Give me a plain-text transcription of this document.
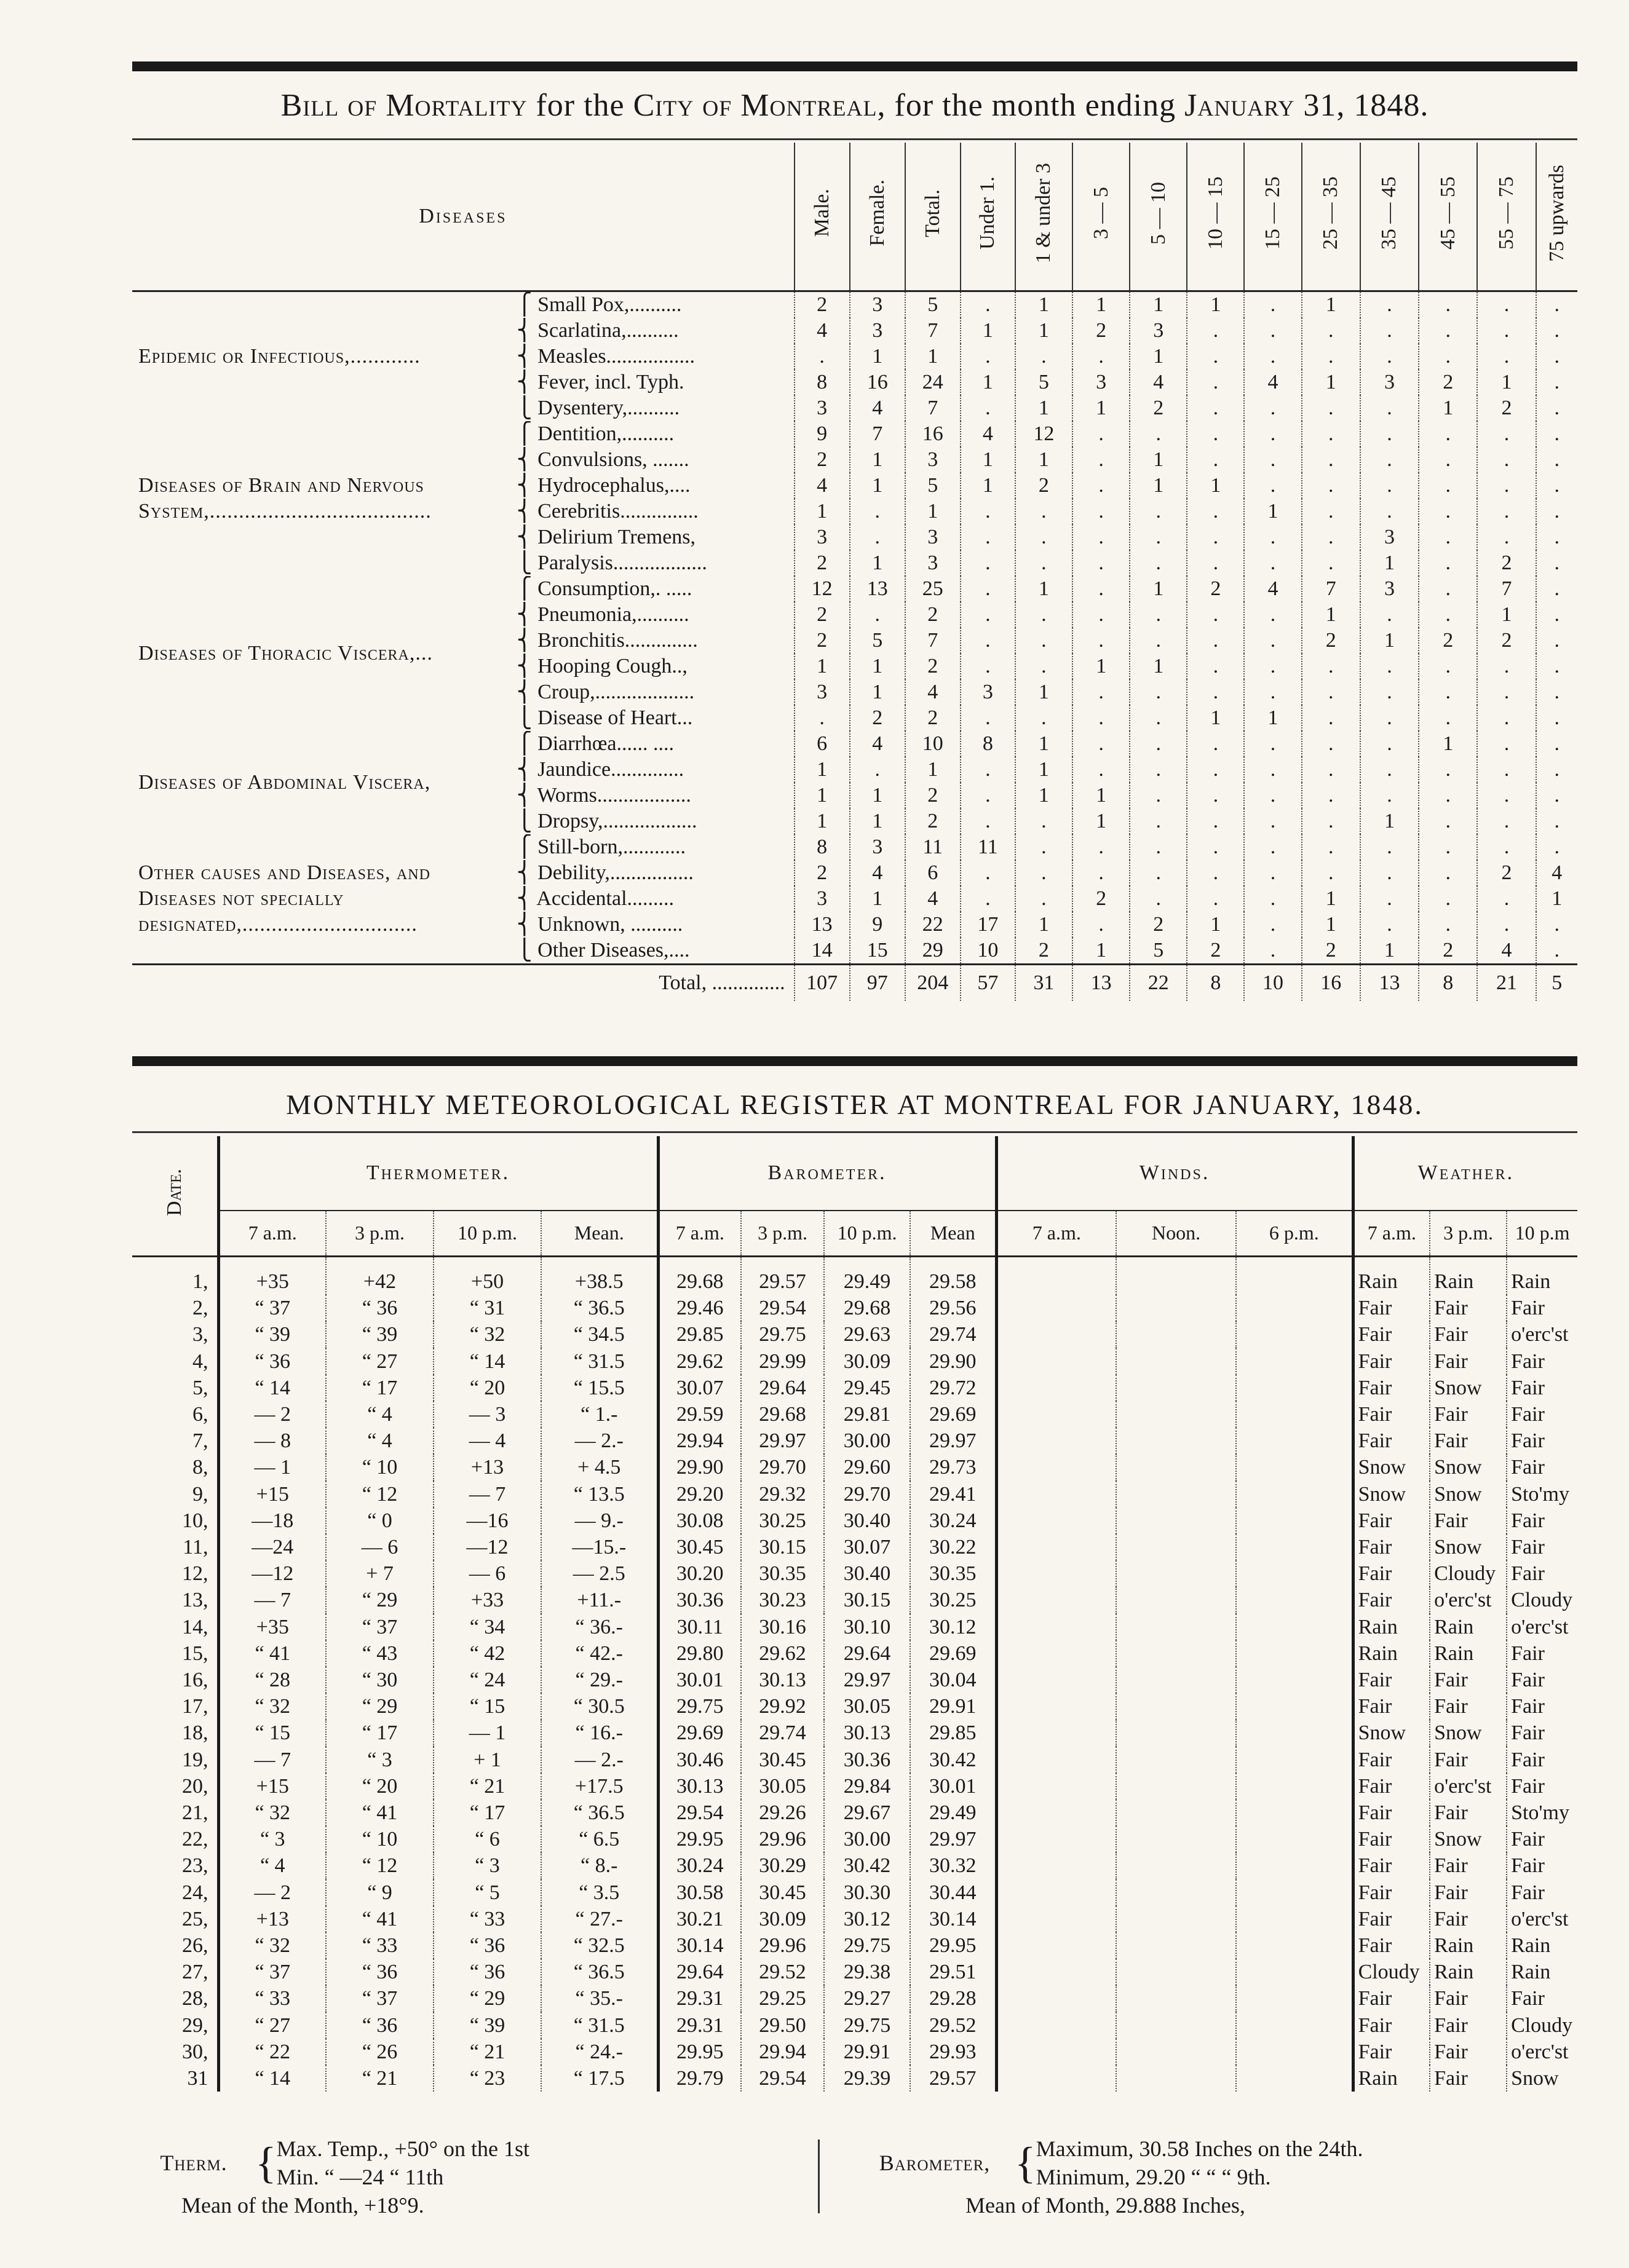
Bill of Mortality for the City of Montreal, for the month ending January 31, 1848.
Diseases		Male.	Female.	Total.	Under 1.	1 & under 3	3 — 5	5 — 10	10 — 15	15 — 25	25 — 35	35 — 45	45 — 55	55 — 75	75 upwards
Epidemic or Infectious,............	⎧ Small Pox,..........	2	3	5	.	1	1	1	1	.	1	.	.	.	.
	⎨ Scarlatina,..........	4	3	7	1	1	2	3	.	.	.	.	.	.	.
	⎨ Measles.................	.	1	1	.	.	.	1	.	.	.	.	.	.	.
	⎨ Fever, incl. Typh.	8	16	24	1	5	3	4	.	4	1	3	2	1	.
	⎩ Dysentery,..........	3	4	7	.	1	1	2	.	.	.	.	1	2	.
Diseases of Brain and Nervous System,......................................	⎧ Dentition,..........	9	7	16	4	12	.	.	.	.	.	.	.	.	.
	⎨ Convulsions, .......	2	1	3	1	1	.	1	.	.	.	.	.	.	.
	⎨ Hydrocephalus,....	4	1	5	1	2	.	1	1	.	.	.	.	.	.
	⎨ Cerebritis...............	1	.	1	.	.	.	.	.	1	.	.	.	.	.
	⎨ Delirium Tremens,	3	.	3	.	.	.	.	.	.	.	3	.	.	.
	⎩ Paralysis..................	2	1	3	.	.	.	.	.	.	.	1	.	2	.
Diseases of Thoracic Viscera,...	⎧ Consumption,. .....	12	13	25	.	1	.	1	2	4	7	3	.	7	.
	⎨ Pneumonia,..........	2	.	2	.	.	.	.	.	.	1	.	.	1	.
	⎨ Bronchitis..............	2	5	7	.	.	.	.	.	.	2	1	2	2	.
	⎨ Hooping Cough..,	1	1	2	.	.	1	1	.	.	.	.	.	.	.
	⎨ Croup,...................	3	1	4	3	1	.	.	.	.	.	.	.	.	.
	⎩ Disease of Heart...	.	2	2	.	.	.	.	1	1	.	.	.	.	.
Diseases of Abdominal Viscera,	⎧ Diarrhœa...... ....	6	4	10	8	1	.	.	.	.	.	.	1	.	.
	⎨ Jaundice..............	1	.	1	.	1	.	.	.	.	.	.	.	.	.
	⎨ Worms..................	1	1	2	.	1	1	.	.	.	.	.	.	.	.
	⎩ Dropsy,..................	1	1	2	.	.	1	.	.	.	.	1	.	.	.
Other causes and Diseases, and Diseases not specially designated,..............................	⎧ Still-born,............	8	3	11	11	.	.	.	.	.	.	.	.	.	.
	⎨ Debility,................	2	4	6	.	.	.	.	.	.	.	.	.	2	4
	⎨ Accidental.........	3	1	4	.	.	2	.	.	.	1	.	.	.	1
	⎨ Unknown, ..........	13	9	22	17	1	.	2	1	.	1	.	.	.	.
	⎩ Other Diseases,....	14	15	29	10	2	1	5	2	.	2	1	2	4	.
Total, ..............		107	97	204	57	31	13	22	8	10	16	13	8	21	5
MONTHLY METEOROLOGICAL REGISTER AT MONTREAL FOR JANUARY, 1848.
Date.	Thermometer.				Barometer.				Winds.			Weather.		
	7 a.m.	3 p.m.	10 p.m.	Mean.	7 a.m.	3 p.m.	10 p.m.	Mean	7 a.m.	Noon.	6 p.m.	7 a.m.	3 p.m.	10 p.m
1,	+35	+42	+50	+38.5	29.68	29.57	29.49	29.58				Rain	Rain	Rain
2,	“ 37	“ 36	“ 31	“ 36.5	29.46	29.54	29.68	29.56				Fair	Fair	Fair
3,	“ 39	“ 39	“ 32	“ 34.5	29.85	29.75	29.63	29.74				Fair	Fair	o'erc'st
4,	“ 36	“ 27	“ 14	“ 31.5	29.62	29.99	30.09	29.90				Fair	Fair	Fair
5,	“ 14	“ 17	“ 20	“ 15.5	30.07	29.64	29.45	29.72				Fair	Snow	Fair
6,	— 2	“ 4	— 3	“ 1.-	29.59	29.68	29.81	29.69				Fair	Fair	Fair
7,	— 8	“ 4	— 4	— 2.-	29.94	29.97	30.00	29.97				Fair	Fair	Fair
8,	— 1	“ 10	+13	+ 4.5	29.90	29.70	29.60	29.73				Snow	Snow	Fair
9,	+15	“ 12	— 7	“ 13.5	29.20	29.32	29.70	29.41				Snow	Snow	Sto'my
10,	—18	“ 0	—16	— 9.-	30.08	30.25	30.40	30.24				Fair	Fair	Fair
11,	—24	— 6	—12	—15.-	30.45	30.15	30.07	30.22				Fair	Snow	Fair
12,	—12	+ 7	— 6	— 2.5	30.20	30.35	30.40	30.35				Fair	Cloudy	Fair
13,	— 7	“ 29	+33	+11.-	30.36	30.23	30.15	30.25				Fair	o'erc'st	Cloudy
14,	+35	“ 37	“ 34	“ 36.-	30.11	30.16	30.10	30.12				Rain	Rain	o'erc'st
15,	“ 41	“ 43	“ 42	“ 42.-	29.80	29.62	29.64	29.69				Rain	Rain	Fair
16,	“ 28	“ 30	“ 24	“ 29.-	30.01	30.13	29.97	30.04				Fair	Fair	Fair
17,	“ 32	“ 29	“ 15	“ 30.5	29.75	29.92	30.05	29.91				Fair	Fair	Fair
18,	“ 15	“ 17	— 1	“ 16.-	29.69	29.74	30.13	29.85				Snow	Snow	Fair
19,	— 7	“ 3	+ 1	— 2.-	30.46	30.45	30.36	30.42				Fair	Fair	Fair
20,	+15	“ 20	“ 21	+17.5	30.13	30.05	29.84	30.01				Fair	o'erc'st	Fair
21,	“ 32	“ 41	“ 17	“ 36.5	29.54	29.26	29.67	29.49				Fair	Fair	Sto'my
22,	“ 3	“ 10	“ 6	“ 6.5	29.95	29.96	30.00	29.97				Fair	Snow	Fair
23,	“ 4	“ 12	“ 3	“ 8.-	30.24	30.29	30.42	30.32				Fair	Fair	Fair
24,	— 2	“ 9	“ 5	“ 3.5	30.58	30.45	30.30	30.44				Fair	Fair	Fair
25,	+13	“ 41	“ 33	“ 27.-	30.21	30.09	30.12	30.14				Fair	Fair	o'erc'st
26,	“ 32	“ 33	“ 36	“ 32.5	30.14	29.96	29.75	29.95				Fair	Rain	Rain
27,	“ 37	“ 36	“ 36	“ 36.5	29.64	29.52	29.38	29.51				Cloudy	Rain	Rain
28,	“ 33	“ 37	“ 29	“ 35.-	29.31	29.25	29.27	29.28				Fair	Fair	Fair
29,	“ 27	“ 36	“ 39	“ 31.5	29.31	29.50	29.75	29.52				Fair	Fair	Cloudy
30,	“ 22	“ 26	“ 21	“ 24.-	29.95	29.94	29.91	29.93				Fair	Fair	o'erc'st
31	“ 14	“ 21	“ 23	“ 17.5	29.79	29.54	29.39	29.57				Rain	Fair	Snow
Therm. { Max. Temp., +50° on the 1st
Min. “ —24 “ 11th
Mean of the Month, +18°9.
Barometer, { Maximum, 30.58 Inches on the 24th.
Minimum, 29.20 “ “ “ 9th.
Mean of Month, 29.888 Inches,
